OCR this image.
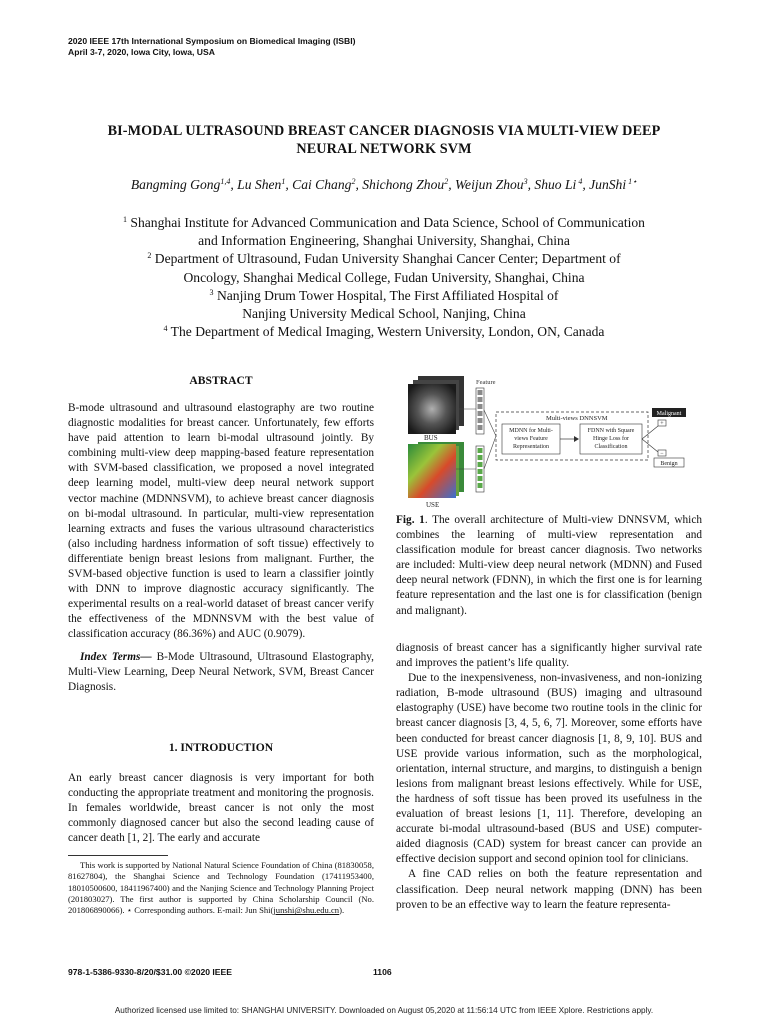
2020 IEEE 17th International Symposium on Biomedical Imaging (ISBI)
April 3-7, 2020, Iowa City, Iowa, USA
BI-MODAL ULTRASOUND BREAST CANCER DIAGNOSIS VIA MULTI-VIEW DEEP
NEURAL NETWORK SVM
Bangming Gong$^{1,4}$, Lu Shen$^1$, Cai Chang$^2$, Shichong Zhou$^2$, Weijun Zhou$^3$, Shuo Li $^4$, JunShi $^{1⋆}$
$^1$ Shanghai Institute for Advanced Communication and Data Science, School of Communication
and Information Engineering, Shanghai University, Shanghai, China
$^2$ Department of Ultrasound, Fudan University Shanghai Cancer Center; Department of
Oncology, Shanghai Medical College, Fudan University, Shanghai, China
$^3$ Nanjing Drum Tower Hospital, The First Affiliated Hospital of
Nanjing University Medical School, Nanjing, China
$^4$ The Department of Medical Imaging, Western University, London, ON, Canada
ABSTRACT

B-mode ultrasound and ultrasound elastography are two routine diagnostic modalities for breast cancer. Unfortunately, few efforts have paid attention to learn bi-modal ultrasound jointly. By combining multi-view deep mapping-based feature representation with SVM-based classification, we proposed a novel integrated deep learning model, multi-view deep neural network support vector machine (MDNNSVM), to achieve breast cancer diagnosis on bi-modal ultrasound. In particular, multi-view representation learning extracts and fuses the various ultrasound characteristics (also including hardness information of soft tissue) effectively to differentiate benign breast lesions from malignant. Further, the SVM-based objective function is used to learn a classifier jointly with DNN to improve diagnostic accuracy significantly. The experimental results on a real-world dataset of breast cancer verify the effectiveness of the MDNNSVM with the best value of classification accuracy (86.36%) and AUC (0.9079).

Index Terms— B-Mode Ultrasound, Ultrasound Elastography, Multi-View Learning, Deep Neural Network, SVM, Breast Cancer Diagnosis.

1. INTRODUCTION

An early breast cancer diagnosis is very important for both conducting the appropriate treatment and monitoring the prognosis. In females worldwide, breast cancer is not only the most commonly diagnosed cancer but also the second leading cause of cancer death [1, 2]. The early and accurate

This work is supported by National Natural Science Foundation of China (81830058, 81627804), the Shanghai Science and Technology Foundation (17411953400, 18010500600, 18411967400) and the Nanjing Science and Technology Planning Project (201803027). The first author is supported by China Scholarship Council (No. 201806890066). ⋆ Corresponding authors. E-mail: Jun Shi(junshi@shu.edu.cn).
Feature
BUS
USE
Multi-views DNNSVM
MDNN for Multi-
views Feature
Representation
FDNN with Square
Hinge Loss for
Classification
+
−
Malignant
Benign
Fig. 1. The overall architecture of Multi-view DNNSVM, which combines the learning of multi-view representation and classification module for breast cancer diagnosis. Two networks are included: Multi-view deep neural network (MDNN) and Fused deep neural network (FDNN), in which the first one is for learning feature representation and the last one is for classification (benign and malignant).

diagnosis of breast cancer has a significantly higher survival rate and improves the patient’s life quality.

Due to the inexpensiveness, non-invasiveness, and non-ionizing radiation, B-mode ultrasound (BUS) imaging and ultrasound elastography (USE) have become two routine tools in the clinic for breast cancer diagnosis [3, 4, 5, 6, 7]. Moreover, some efforts have been conducted for breast cancer diagnosis [1, 8, 9, 10]. BUS and USE provide various information, such as the morphological, orientation, internal structure, and margins, to distinguish a benign lesions from malignant breast lesions effectively. While for USE, the hardness of soft tissue has been proved its usefulness in the evaluation of breast lesions [1, 11]. Therefore, developing an accurate bi-modal ultrasound-based (BUS and USE) computer-aided diagnosis (CAD) system for breast cancer can provide an effective decision support and second opinion tool for clinicians.

A fine CAD relies on both the feature representation and classification. Deep neural network mapping (DNN) has been proven to be an effective way to learn the feature representa-

978-1-5386-9330-8/20/$31.00 ©2020 IEEE	1106
Authorized licensed use limited to: SHANGHAI UNIVERSITY. Downloaded on August 05,2020 at 11:56:14 UTC from IEEE Xplore. Restrictions apply.
